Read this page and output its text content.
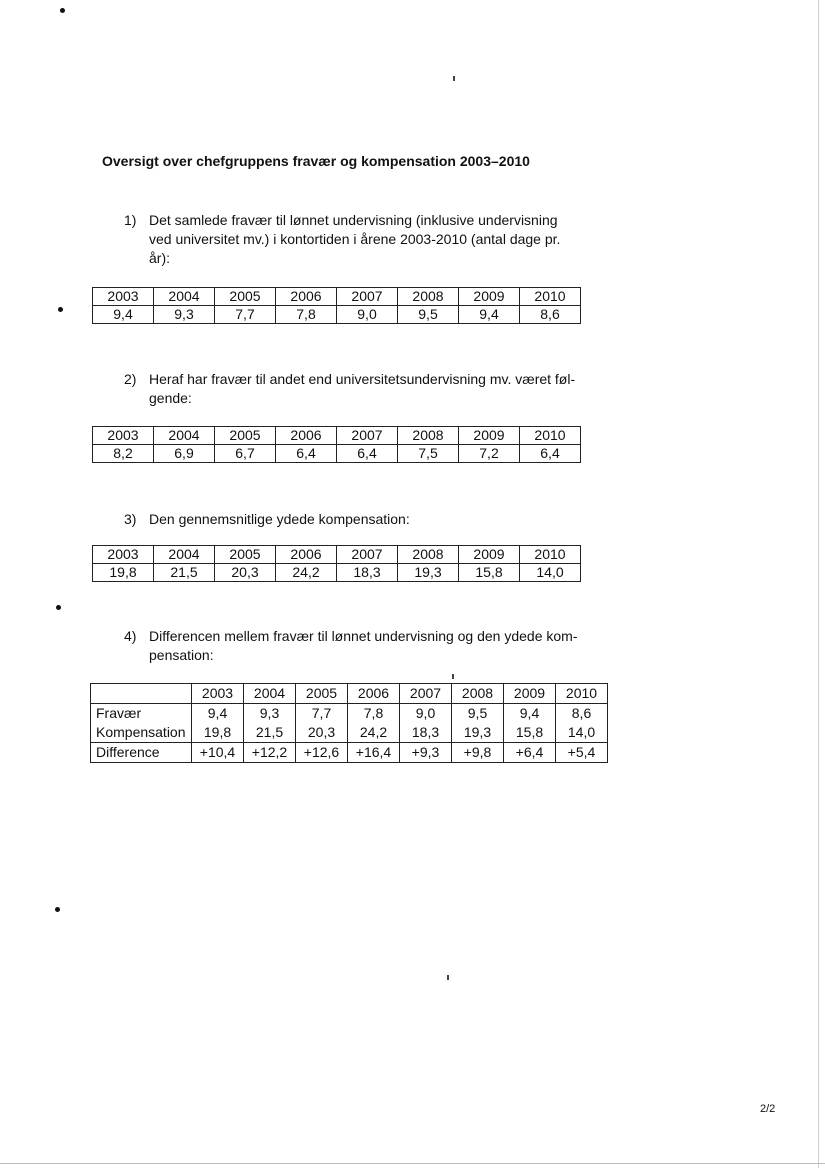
Oversigt over chefgruppens fravær og kompensation 2003–2010
1) Det samlede fravær til lønnet undervisning (inklusive undervisning
ved universitet mv.) i kontortiden i årene 2003-2010 (antal dage pr.
år):
2003	2004	2005	2006	2007	2008	2009	2010
9,4	9,3	7,7	7,8	9,0	9,5	9,4	8,6
2) Heraf har fravær til andet end universitetsundervisning mv. været føl-
gende:
2003	2004	2005	2006	2007	2008	2009	2010
8,2	6,9	6,7	6,4	6,4	7,5	7,2	6,4
3) Den gennemsnitlige ydede kompensation:
2003	2004	2005	2006	2007	2008	2009	2010
19,8	21,5	20,3	24,2	18,3	19,3	15,8	14,0
4) Differencen mellem fravær til lønnet undervisning og den ydede kom-
pensation:
	2003	2004	2005	2006	2007	2008	2009	2010
Fravær	9,4	9,3	7,7	7,8	9,0	9,5	9,4	8,6
Kompensation	19,8	21,5	20,3	24,2	18,3	19,3	15,8	14,0
Difference	+10,4	+12,2	+12,6	+16,4	+9,3	+9,8	+6,4	+5,4
2/2
